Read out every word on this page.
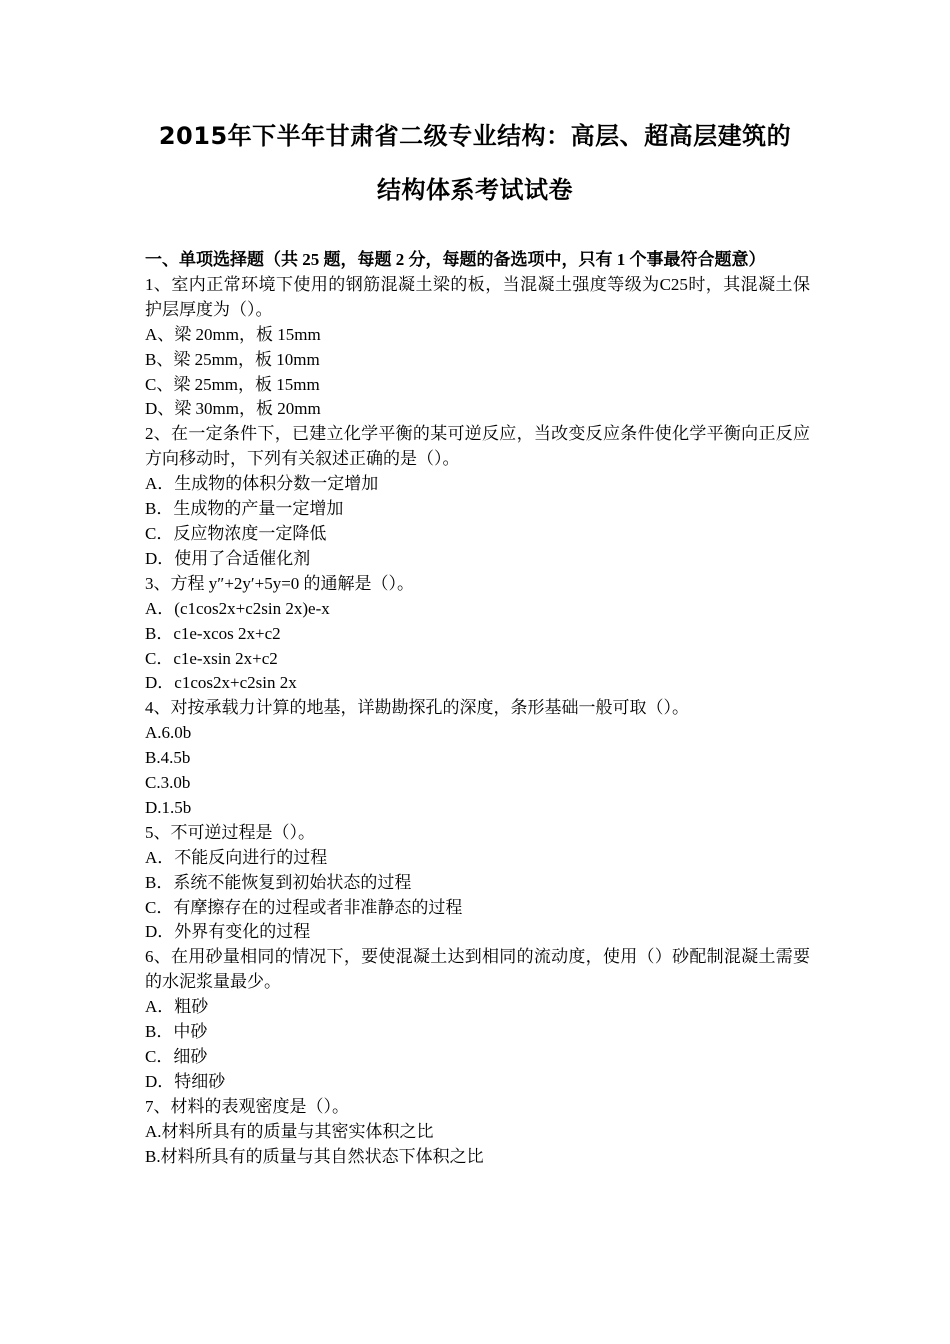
2015年下半年甘肃省二级专业结构：高层、超高层建筑的
结构体系考试试卷

一、单项选择题（共 25 题，每题 2 分，每题的备选项中，只有 1 个事最符合题意）

1、室内正常环境下使用的钢筋混凝土梁的板，当混凝土强度等级为C25时，其混凝土保护层厚度为（）。

A、梁 20mm，板 15mm

B、梁 25mm，板 10mm

C、梁 25mm，板 15mm

D、梁 30mm，板 20mm

2、在一定条件下，已建立化学平衡的某可逆反应，当改变反应条件使化学平衡向正反应方向移动时，下列有关叙述正确的是（）。

A．生成物的体积分数一定增加

B．生成物的产量一定增加

C．反应物浓度一定降低

D．使用了合适催化剂

3、方程 y″+2y′+5y=0 的通解是（）。

A．(c1cos2x+c2sin 2x)e-x

B．c1e-xcos 2x+c2

C．c1e-xsin 2x+c2

D．c1cos2x+c2sin 2x

4、对按承载力计算的地基，详勘勘探孔的深度，条形基础一般可取（）。

A.6.0b

B.4.5b

C.3.0b

D.1.5b

5、不可逆过程是（）。

A．不能反向进行的过程

B．系统不能恢复到初始状态的过程

C．有摩擦存在的过程或者非准静态的过程

D．外界有变化的过程

6、在用砂量相同的情况下，要使混凝土达到相同的流动度，使用（）砂配制混凝土需要的水泥浆量最少。

A．粗砂

B．中砂

C．细砂

D．特细砂

7、材料的表观密度是（）。

A.材料所具有的质量与其密实体积之比

B.材料所具有的质量与其自然状态下体积之比
